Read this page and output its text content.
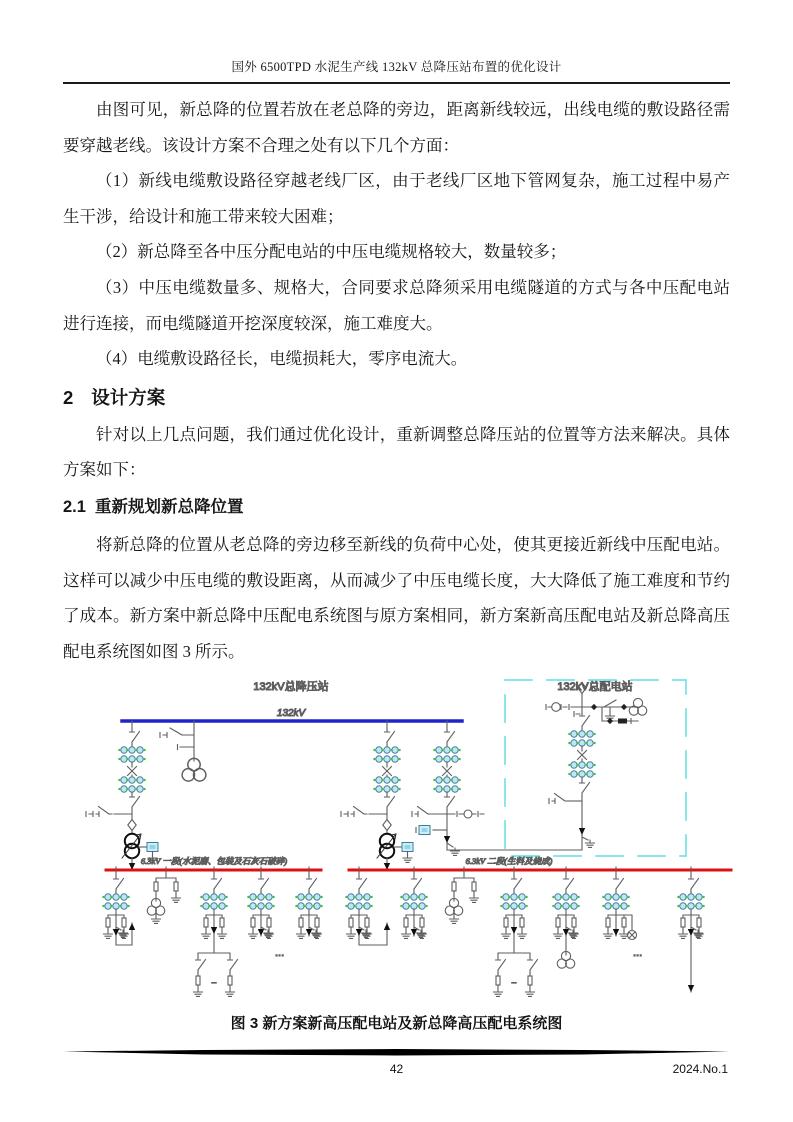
国外 6500TPD 水泥生产线 132kV 总降压站布置的优化设计

由图可见，新总降的位置若放在老总降的旁边，距离新线较远，出线电缆的敷设路径需要穿越老线。该设计方案不合理之处有以下几个方面：

（1）新线电缆敷设路径穿越老线厂区，由于老线厂区地下管网复杂，施工过程中易产生干涉，给设计和施工带来较大困难；

（2）新总降至各中压分配电站的中压电缆规格较大，数量较多；

（3）中压电缆数量多、规格大，合同要求总降须采用电缆隧道的方式与各中压配电站进行连接，而电缆隧道开挖深度较深，施工难度大。

（4）电缆敷设路径长，电缆损耗大，零序电流大。

2 设计方案

针对以上几点问题，我们通过优化设计，重新调整总降压站的位置等方法来解决。具体方案如下：

2.1 重新规划新总降位置

将新总降的位置从老总降的旁边移至新线的负荷中心处，使其更接近新线中压配电站。这样可以减少中压电缆的敷设距离，从而减少了中压电缆长度，大大降低了施工难度和节约了成本。新方案中新总降中压配电系统图与原方案相同，新方案新高压配电站及新总降高压配电系统图如图 3 所示。

132kV总降压站
132kV
132kV总配电站
6.3kV 一段(水泥磨、包装及石灰石破碎)	6.3kV 二段(生料及烧成)
...
–
...
–
图 3 新方案新高压配电站及新总降高压配电系统图
42	2024.No.1
